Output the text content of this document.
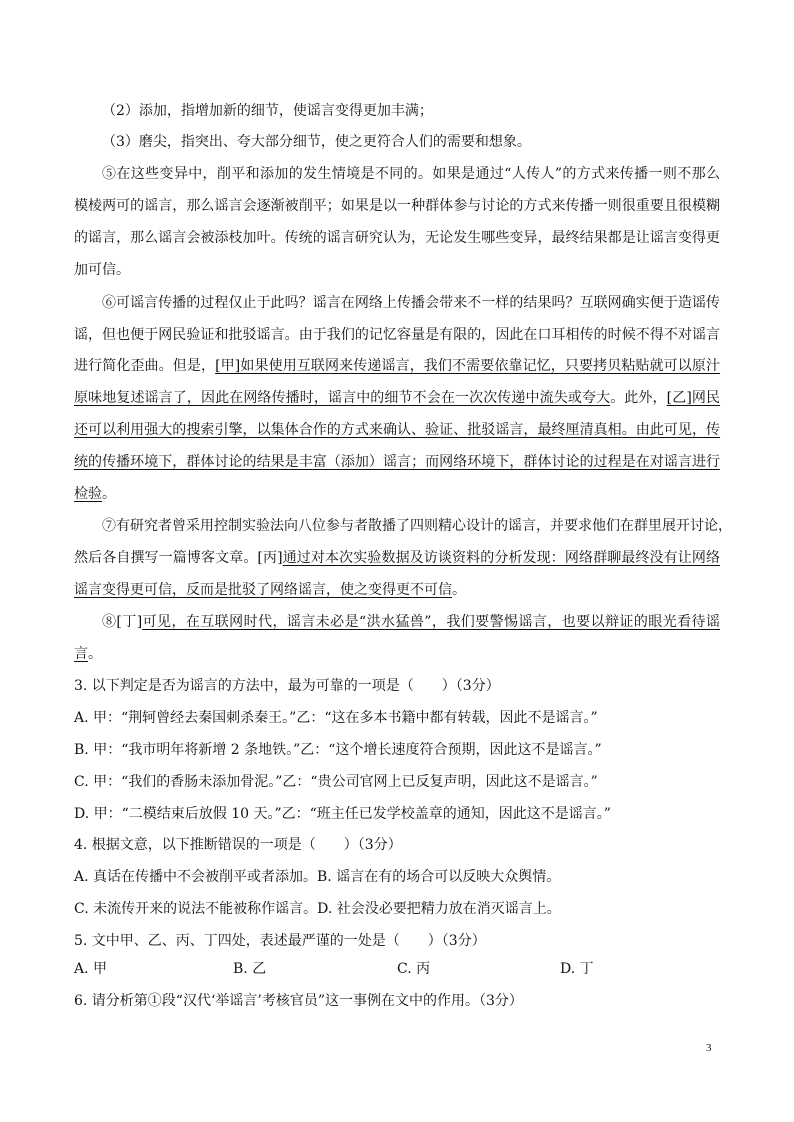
（2）添加，指增加新的细节，使谣言变得更加丰满；
（3）磨尖，指突出、夸大部分细节，使之更符合人们的需要和想象。
⑤在这些变异中，削平和添加的发生情境是不同的。如果是通过“人传人”的方式来传播一则不那么
模棱两可的谣言，那么谣言会逐渐被削平；如果是以一种群体参与讨论的方式来传播一则很重要且很模糊
的谣言，那么谣言会被添枝加叶。传统的谣言研究认为，无论发生哪些变异，最终结果都是让谣言变得更
加可信。
⑥可谣言传播的过程仅止于此吗？谣言在网络上传播会带来不一样的结果吗？互联网确实便于造谣传
谣，但也便于网民验证和批驳谣言。由于我们的记忆容量是有限的，因此在口耳相传的时候不得不对谣言
进行简化歪曲。但是，[甲]如果使用互联网来传递谣言，我们不需要依靠记忆，只要拷贝粘贴就可以原汁
原味地复述谣言了，因此在网络传播时，谣言中的细节不会在一次次传递中流失或夸大。此外，[乙]网民
还可以利用强大的搜索引擎，以集体合作的方式来确认、验证、批驳谣言，最终厘清真相。由此可见，传
统的传播环境下，群体讨论的结果是丰富（添加）谣言；而网络环境下，群体讨论的过程是在对谣言进行
检验。
⑦有研究者曾采用控制实验法向八位参与者散播了四则精心设计的谣言，并要求他们在群里展开讨论，
然后各自撰写一篇博客文章。[丙]通过对本次实验数据及访谈资料的分析发现：网络群聊最终没有让网络
谣言变得更可信，反而是批驳了网络谣言，使之变得更不可信。
⑧[丁]可见，在互联网时代，谣言未必是“洪水猛兽”，我们要警惕谣言，也要以辩证的眼光看待谣
言。
3. 以下判定是否为谣言的方法中，最为可靠的一项是（　　）（3分）
A. 甲：“荆轲曾经去秦国刺杀秦王。”乙：“这在多本书籍中都有转载，因此不是谣言。”
B. 甲：“我市明年将新增 2 条地铁。”乙：“这个增长速度符合预期，因此这不是谣言。”
C. 甲：“我们的香肠未添加骨泥。”乙：“贵公司官网上已反复声明，因此这不是谣言。”
D. 甲：“二模结束后放假 10 天。”乙：“班主任已发学校盖章的通知，因此这不是谣言。”
4. 根据文意，以下推断错误的一项是（　　）（3分）
A. 真话在传播中不会被削平或者添加。B. 谣言在有的场合可以反映大众舆情。
C. 未流传开来的说法不能被称作谣言。D. 社会没必要把精力放在消灭谣言上。
5. 文中甲、乙、丙、丁四处，表述最严谨的一处是（　　）（3分）
A. 甲	B. 乙	C. 丙	D. 丁
6. 请分析第①段“汉代‘举谣言’考核官员”这一事例在文中的作用。（3分）
3
